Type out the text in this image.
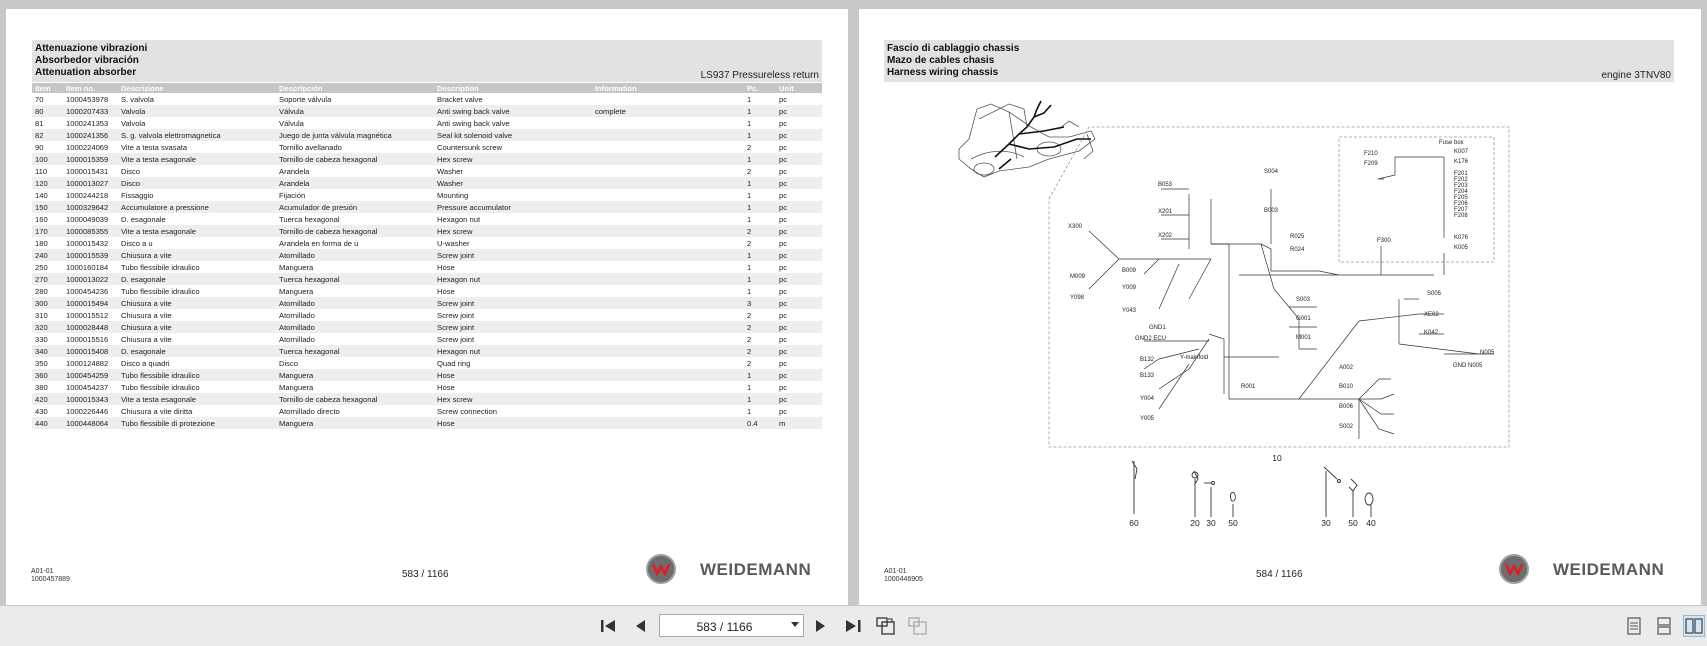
Attenuazione vibrazioni
Absorbedor vibración
Attenuation absorber	LS937 Pressureless return
Item	Item no.	Descrizione	Descripción	Description	Information	Pc.	Unit
70	1000453978	S. valvola	Soporte válvula	Bracket valve		1	pc
80	1000207433	Valvola	Válvula	Anti swing back valve	complete	1	pc
81	1000241353	Valvola	Válvula	Anti swing back valve		1	pc
82	1000241356	S. g. valvola elettromagnetica	Juego de junta válvula magnética	Seal kit solenoid valve		1	pc
90	1000224069	Vite a testa svasata	Tornillo avellanado	Countersunk screw		2	pc
100	1000015359	Vite a testa esagonale	Tornillo de cabeza hexagonal	Hex screw		1	pc
110	1000015431	Disco	Arandela	Washer		2	pc
120	1000013027	Disco	Arandela	Washer		1	pc
140	1000244218	Fissaggio	Fijación	Mounting		1	pc
150	1000329642	Accumulatore a pressione	Acumulador de presión	Pressure accumulator		1	pc
160	1000049039	D. esagonale	Tuerca hexagonal	Hexagon nut		1	pc
170	1000085355	Vite a testa esagonale	Tornillo de cabeza hexagonal	Hex screw		2	pc
180	1000015432	Disco a u	Arandela en forma de u	U-washer		2	pc
240	1000015539	Chiusura a vite	Atornillado	Screw joint		1	pc
250	1000160184	Tubo flessibile idraulico	Manguera	Hose		1	pc
270	1000013022	D. esagonale	Tuerca hexagonal	Hexagon nut		1	pc
280	1000454236	Tubo flessibile idraulico	Manguera	Hose		1	pc
300	1000015494	Chiusura a vite	Atornillado	Screw joint		3	pc
310	1000015512	Chiusura a vite	Atornillado	Screw joint		2	pc
320	1000028448	Chiusura a vite	Atornillado	Screw joint		2	pc
330	1000015516	Chiusura a vite	Atornillado	Screw joint		2	pc
340	1000015408	D. esagonale	Tuerca hexagonal	Hexagon nut		2	pc
350	1000124882	Disco a quadri	Disco	Quad ring		2	pc
360	1000454259	Tubo flessibile idraulico	Manguera	Hose		1	pc
380	1000454237	Tubo flessibile idraulico	Manguera	Hose		1	pc
420	1000015343	Vite a testa esagonale	Tornillo de cabeza hexagonal	Hex screw		1	pc
430	1000226446	Chiusura a vite diritta	Atornillado directo	Screw connection		1	pc
440	1000448064	Tubo flessibile di protezione	Manguera	Hose		0.4	m
A01-01
1000457889	583 / 1166	WEIDEMANN
Fascio di cablaggio chassis
Mazo de cables chasis
Harness wiring chassis	engine 3TNV80
10
60	20 30 50	30 50 40
Fuse box
F210
F209
K007
K176
F201
F202
F203
F204
F205
F206
F207
F208
K076
K005
F300
S004
B053
X201	B003
X202	R025
R024
X300
B009
M009
Y009
Y098
Y043
S003
G001
M001
S005
XE02
K042
N005
GND N005
GND1
GND2 ECU
B132	Y-mainfold
B133
R001
A002
B010
Y004
B006
Y005
S002
A01-01
1000446905	584 / 1166	WEIDEMANN
583 / 1166
